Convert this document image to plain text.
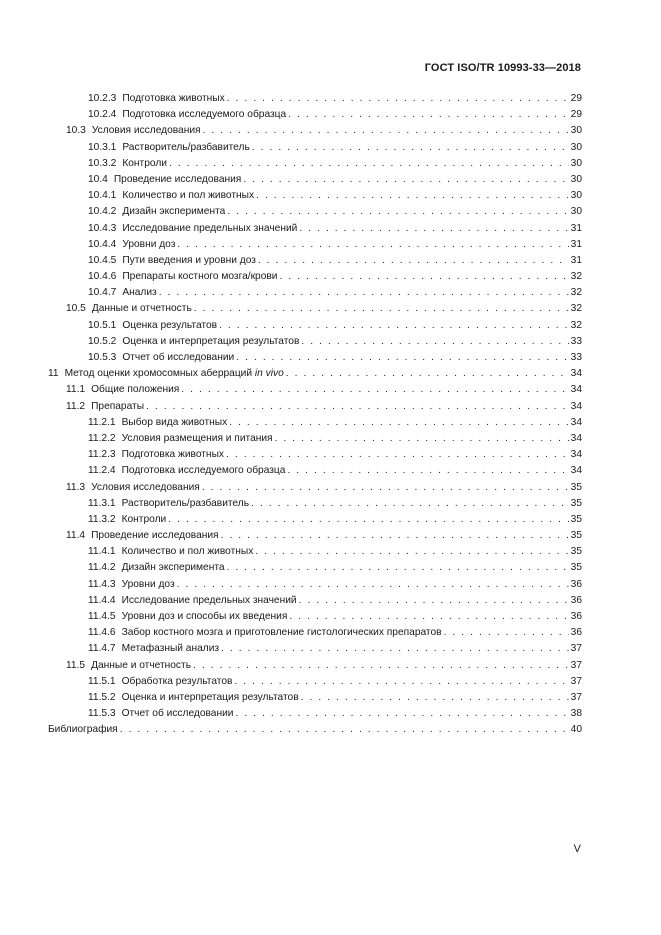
ГОСТ ISO/TR 10993-33—2018
10.2.3 Подготовка животных . . .	29
10.2.4 Подготовка исследуемого образца . . .	29
10.3 Условия исследования . . .	30
10.3.1 Растворитель/разбавитель . . .	30
10.3.2 Контроли . . .	30
10.4 Проведение исследования . . .	30
10.4.1 Количество и пол животных . . .	30
10.4.2 Дизайн эксперимента . . .	30
10.4.3 Исследование предельных значений . . .	31
10.4.4 Уровни доз . . .	31
10.4.5 Пути введения и уровни доз . . .	31
10.4.6 Препараты костного мозга/крови . . .	32
10.4.7 Анализ . . .	32
10.5 Данные и отчетность . . .	32
10.5.1 Оценка результатов . . .	32
10.5.2 Оценка и интерпретация результатов . . .	33
10.5.3 Отчет об исследовании . . .	33
11 Метод оценки хромосомных аберраций in vivo . . .	34
11.1 Общие положения . . .	34
11.2 Препараты . . .	34
11.2.1 Выбор вида животных . . .	34
11.2.2 Условия размещения и питания . . .	34
11.2.3 Подготовка животных . . .	34
11.2.4 Подготовка исследуемого образца . . .	34
11.3 Условия исследования . . .	35
11.3.1 Растворитель/разбавитель . . .	35
11.3.2 Контроли . . .	35
11.4 Проведение исследования . . .	35
11.4.1 Количество и пол животных . . .	35
11.4.2 Дизайн эксперимента . . .	35
11.4.3 Уровни доз . . .	36
11.4.4 Исследование предельных значений . . .	36
11.4.5 Уровни доз и способы их введения . . .	36
11.4.6 Забор костного мозга и приготовление гистологических препаратов . . .	36
11.4.7 Метафазный анализ . . .	37
11.5 Данные и отчетность . . .	37
11.5.1 Обработка результатов . . .	37
11.5.2 Оценка и интерпретация результатов . . .	37
11.5.3 Отчет об исследовании . . .	38
Библиография . . .	40
V
